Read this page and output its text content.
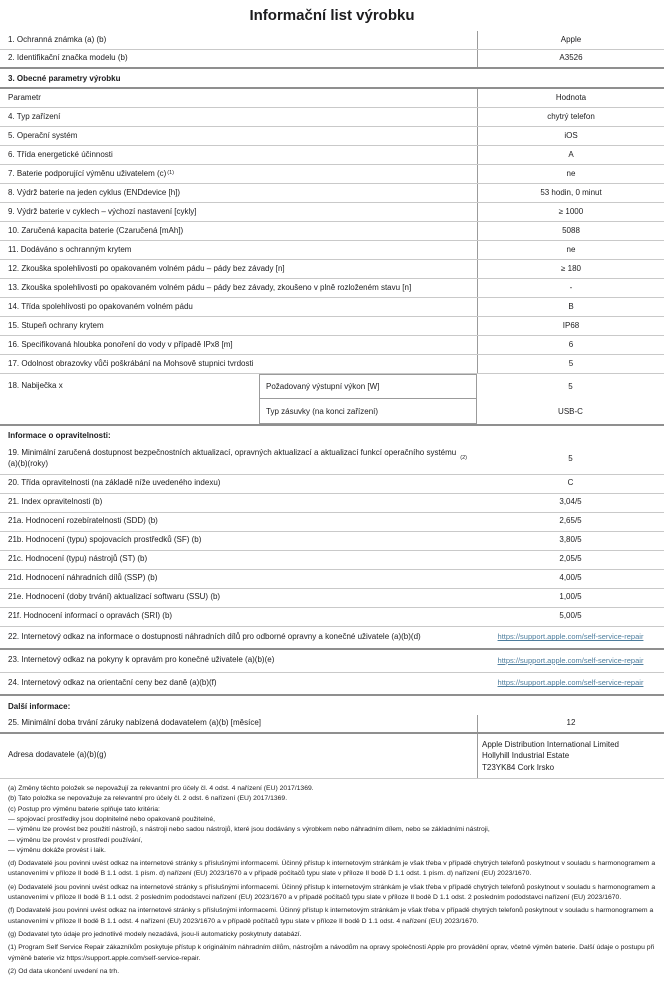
Informační list výrobku
1. Ochranná známka (a) (b)	Apple
2. Identifikační značka modelu (b)	A3526
3. Obecné parametry výrobku
Parametr	Hodnota
4. Typ zařízení	chytrý telefon
5. Operační systém	iOS
6. Třída energetické účinnosti	A
7. Baterie podporující výměnu uživatelem (c) (1)	ne
8. Výdrž baterie na jeden cyklus (ENDdevice [h])	53 hodin, 0 minut
9. Výdrž baterie v cyklech – výchozí nastavení [cykly]	≥ 1000
10. Zaručená kapacita baterie (Czaručená [mAh])	5088
11. Dodáváno s ochranným krytem	ne
12. Zkouška spolehlivosti po opakovaném volném pádu – pády bez závady [n]	≥ 180
13. Zkouška spolehlivosti po opakovaném volném pádu – pády bez závady, zkoušeno v plně rozloženém stavu [n]	-
14. Třída spolehlivosti po opakovaném volném pádu	B
15. Stupeň ochrany krytem	IP68
16. Specifikovaná hloubka ponoření do vody v případě IPx8 [m]	6
17. Odolnost obrazovky vůči poškrábání na Mohsově stupnici tvrdosti	5
18. Nabiječka x	Požadovaný výstupní výkon [W]	5
Typ zásuvky (na konci zařízení)	USB-C
Informace o opravitelnosti:
19. Minimální zaručená dostupnost bezpečnostních aktualizací, opravných aktualizací a aktualizací funkcí operačního systému (a)(b)(roky)
(2)	5
20. Třída opravitelnosti (na základě níže uvedeného indexu)	C
21. Index opravitelnosti (b)	3,04/5
21a. Hodnocení rozebíratelnosti (SDD) (b)	2,65/5
21b. Hodnocení (typu) spojovacích prostředků (SF) (b)	3,80/5
21c. Hodnocení (typu) nástrojů (ST) (b)	2,05/5
21d. Hodnocení náhradních dílů (SSP) (b)	4,00/5
21e. Hodnocení (doby trvání) aktualizací softwaru (SSU) (b)	1,00/5
21f. Hodnocení informací o opravách (SRI) (b)	5,00/5
22. Internetový odkaz na informace o dostupnosti náhradních dílů pro odborné opravny a konečné uživatele (a)(b)(d)	https://support.apple.com/self-service-repair
23. Internetový odkaz na pokyny k opravám pro konečné uživatele (a)(b)(e)	https://support.apple.com/self-service-repair
24. Internetový odkaz na orientační ceny bez daně (a)(b)(f)	https://support.apple.com/self-service-repair
Další informace:
25. Minimální doba trvání záruky nabízená dodavatelem (a)(b) [měsíce]	12
Adresa dodavatele (a)(b)(g)
Apple Distribution International Limited
Hollyhill Industrial Estate
T23YK84 Cork Irsko
(a) Změny těchto položek se nepovažují za relevantní pro účely čl. 4 odst. 4 nařízení (EU) 2017/1369.
(b) Tato položka se nepovažuje za relevantní pro účely čl. 2 odst. 6 nařízení (EU) 2017/1369.
(c) Postup pro výměnu baterie splňuje tato kritéria:
— spojovací prostředky jsou doplnitelné nebo opakovaně použitelné,
— výměnu lze provést bez použití nástrojů, s nástroji nebo sadou nástrojů, které jsou dodávány s výrobkem nebo náhradním dílem, nebo se základními nástroji,
— výměnu lze provést v prostředí používání,
— výměnu dokáže provést i laik.
(d) Dodavatelé jsou povinni uvést odkaz na internetové stránky s příslušnými informacemi. Účinný přístup k internetovým stránkám je však třeba v případě chytrých telefonů poskytnout v souladu s harmonogramem a ustanoveními v příloze II bodě B 1.1 odst. 1 písm. d) nařízení (EU) 2023/1670 a v případě počítačů typu slate v příloze II bodě D 1.1 odst. 1 písm. d) nařízení (EU) 2023/1670.
(e) Dodavatelé jsou povinni uvést odkaz na internetové stránky s příslušnými informacemi. Účinný přístup k internetovým stránkám je však třeba v případě chytrých telefonů poskytnout v souladu s harmonogramem a ustanoveními v příloze II bodě B 1.1 odst. 2 posledním pododstavci nařízení (EU) 2023/1670 a v případě počítačů typu slate v příloze II bodě D 1.1 odst. 2 posledním pododstavci nařízení (EU) 2023/1670.
(f) Dodavatelé jsou povinni uvést odkaz na internetové stránky s příslušnými informacemi. Účinný přístup k internetovým stránkám je však třeba v případě chytrých telefonů poskytnout v souladu s harmonogramem a ustanoveními v příloze II bodě B 1.1 odst. 4 nařízení (EU) 2023/1670 a v případě počítačů typu slate v příloze II bodě D 1.1 odst. 4 nařízení (EU) 2023/1670.
(g) Dodavatel tyto údaje pro jednotlivé modely nezadává, jsou-li automaticky poskytnuty databází.
(1) Program Self Service Repair zákazníkům poskytuje přístup k originálním náhradním dílům, nástrojům a návodům na opravy společnosti Apple pro provádění oprav, včetně výměn baterie. Další údaje o postupu při výměně baterie viz https://support.apple.com/self-service-repair.
(2) Od data ukončení uvedení na trh.
